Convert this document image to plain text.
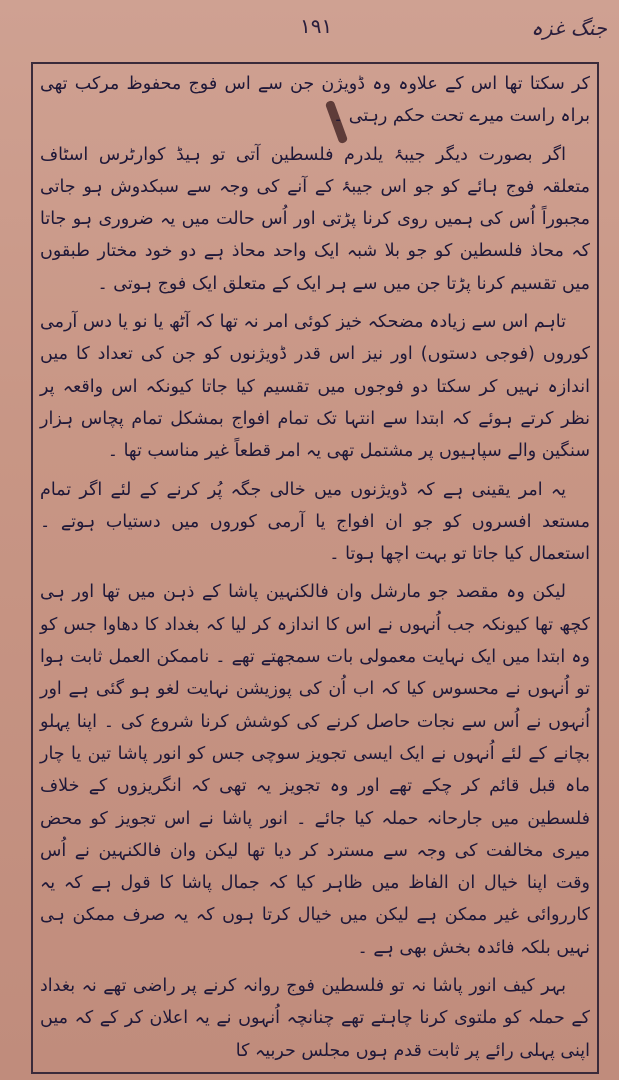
جنگ غزہ
۱۹۱

کر سکتا تھا اس کے علاوہ وہ ڈویژن جن سے اس فوج محفوظ مرکب تھی براہ راست میرے تحت حکم رہتی ۔

اگر بصورت دیگر جیبۂ یلدرم فلسطین آتی تو ہیڈ کوارٹرس اسٹاف متعلقہ فوج ہائے کو جو اس جیبۂ کے آنے کی وجہ سے سبکدوش ہو جاتی مجبوراً اُس کی ہمیں روی کرنا پڑتی اور اُس حالت میں یہ ضروری ہو جاتا کہ محاذ فلسطین کو جو بلا شبہ ایک واحد محاذ ہے دو خود مختار طبقوں میں تقسیم کرنا پڑتا جن میں سے ہر ایک کے متعلق ایک فوج ہوتی ۔

تاہم اس سے زیادہ مضحکہ خیز کوئی امر نہ تھا کہ آٹھ یا نو یا دس آرمی کوروں (فوجی دستوں) اور نیز اس قدر ڈویژنوں کو جن کی تعداد کا میں اندازہ نہیں کر سکتا دو فوجوں میں تقسیم کیا جاتا کیونکہ اس واقعہ پر نظر کرتے ہوئے کہ ابتدا سے انتہا تک تمام افواج بمشکل تمام پچاس ہزار سنگین والے سپاہیوں پر مشتمل تھی یہ امر قطعاً غیر مناسب تھا ۔

یہ امر یقینی ہے کہ ڈویژنوں میں خالی جگہ پُر کرنے کے لئے اگر تمام مستعد افسروں کو جو ان افواج یا آرمی کوروں میں دستیاب ہوتے ۔ استعمال کیا جاتا تو بہت اچھا ہوتا ۔

لیکن وہ مقصد جو مارشل وان فالکنہین پاشا کے ذہن میں تھا اور ہی کچھ تھا کیونکہ جب اُنہوں نے اس کا اندازہ کر لیا کہ بغداد کا دھاوا جس کو وہ ابتدا میں ایک نہایت معمولی بات سمجھتے تھے ۔ ناممکن العمل ثابت ہوا تو اُنہوں نے محسوس کیا کہ اب اُن کی پوزیشن نہایت لغو ہو گئی ہے اور اُنہوں نے اُس سے نجات حاصل کرنے کی کوشش کرنا شروع کی ۔ اپنا پہلو بچانے کے لئے اُنہوں نے ایک ایسی تجویز سوچی جس کو انور پاشا تین یا چار ماہ قبل قائم کر چکے تھے اور وہ تجویز یہ تھی کہ انگریزوں کے خلاف فلسطین میں جارحانہ حملہ کیا جائے ۔ انور پاشا نے اس تجویز کو محض میری مخالفت کی وجہ سے مسترد کر دیا تھا لیکن وان فالکنہین نے اُس وقت اپنا خیال ان الفاظ میں ظاہر کیا کہ جمال پاشا کا قول ہے کہ یہ کارروائی غیر ممکن ہے لیکن میں خیال کرتا ہوں کہ یہ صرف ممکن ہی نہیں بلکہ فائدہ بخش بھی ہے ۔

بہر کیف انور پاشا نہ تو فلسطین فوج روانہ کرنے پر راضی تھے نہ بغداد کے حملہ کو ملتوی کرنا چاہتے تھے چنانچہ اُنہوں نے یہ اعلان کر کے کہ میں اپنی پہلی رائے پر ثابت قدم ہوں مجلس حربیہ کا
